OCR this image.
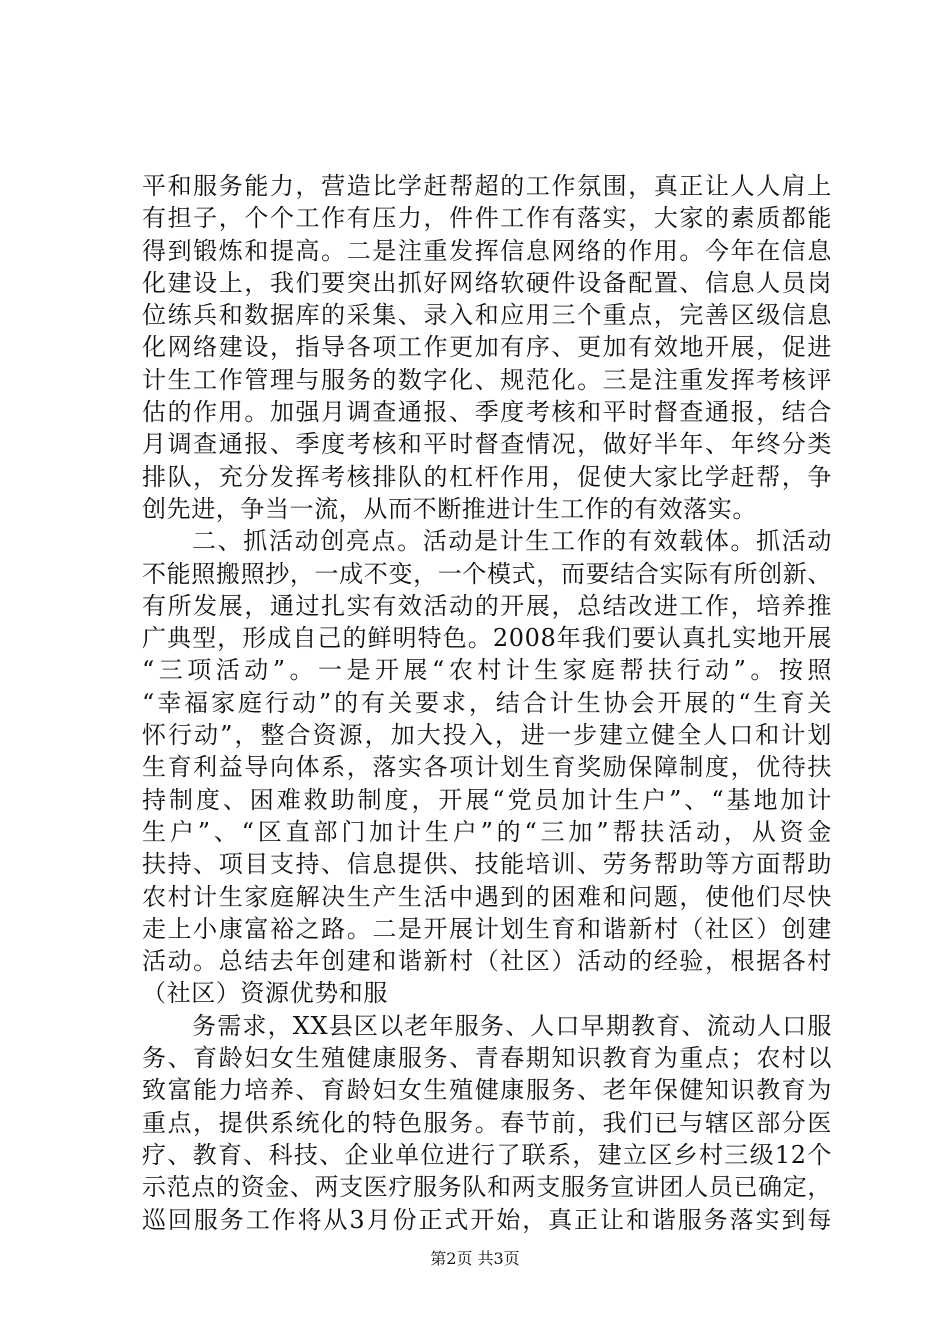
平和服务能力，营造比学赶帮超的工作氛围，真正让人人肩上
有担子，个个工作有压力，件件工作有落实，大家的素质都能
得到锻炼和提高。二是注重发挥信息网络的作用。今年在信息
化建设上，我们要突出抓好网络软硬件设备配置、信息人员岗
位练兵和数据库的采集、录入和应用三个重点，完善区级信息
化网络建设，指导各项工作更加有序、更加有效地开展，促进
计生工作管理与服务的数字化、规范化。三是注重发挥考核评
估的作用。加强月调查通报、季度考核和平时督查通报，结合
月调查通报、季度考核和平时督查情况，做好半年、年终分类
排队，充分发挥考核排队的杠杆作用，促使大家比学赶帮，争
创先进，争当一流，从而不断推进计生工作的有效落实。
二、抓活动创亮点。活动是计生工作的有效载体。抓活动
不能照搬照抄，一成不变，一个模式，而要结合实际有所创新、
有所发展，通过扎实有效活动的开展，总结改进工作，培养推
广典型，形成自己的鲜明特色。2008年我们要认真扎实地开展
“三项活动”。一是开展“农村计生家庭帮扶行动”。按照
“幸福家庭行动”的有关要求，结合计生协会开展的“生育关
怀行动”，整合资源，加大投入，进一步建立健全人口和计划
生育利益导向体系，落实各项计划生育奖励保障制度，优待扶
持制度、困难救助制度，开展“党员加计生户”、“基地加计
生户”、“区直部门加计生户”的“三加”帮扶活动，从资金
扶持、项目支持、信息提供、技能培训、劳务帮助等方面帮助
农村计生家庭解决生产生活中遇到的困难和问题，使他们尽快
走上小康富裕之路。二是开展计划生育和谐新村（社区）创建
活动。总结去年创建和谐新村（社区）活动的经验，根据各村
（社区）资源优势和服
务需求，XX县区以老年服务、人口早期教育、流动人口服
务、育龄妇女生殖健康服务、青春期知识教育为重点；农村以
致富能力培养、育龄妇女生殖健康服务、老年保健知识教育为
重点，提供系统化的特色服务。春节前，我们已与辖区部分医
疗、教育、科技、企业单位进行了联系，建立区乡村三级12个
示范点的资金、两支医疗服务队和两支服务宣讲团人员已确定，
巡回服务工作将从3月份正式开始，真正让和谐服务落实到每
第2页 共3页
